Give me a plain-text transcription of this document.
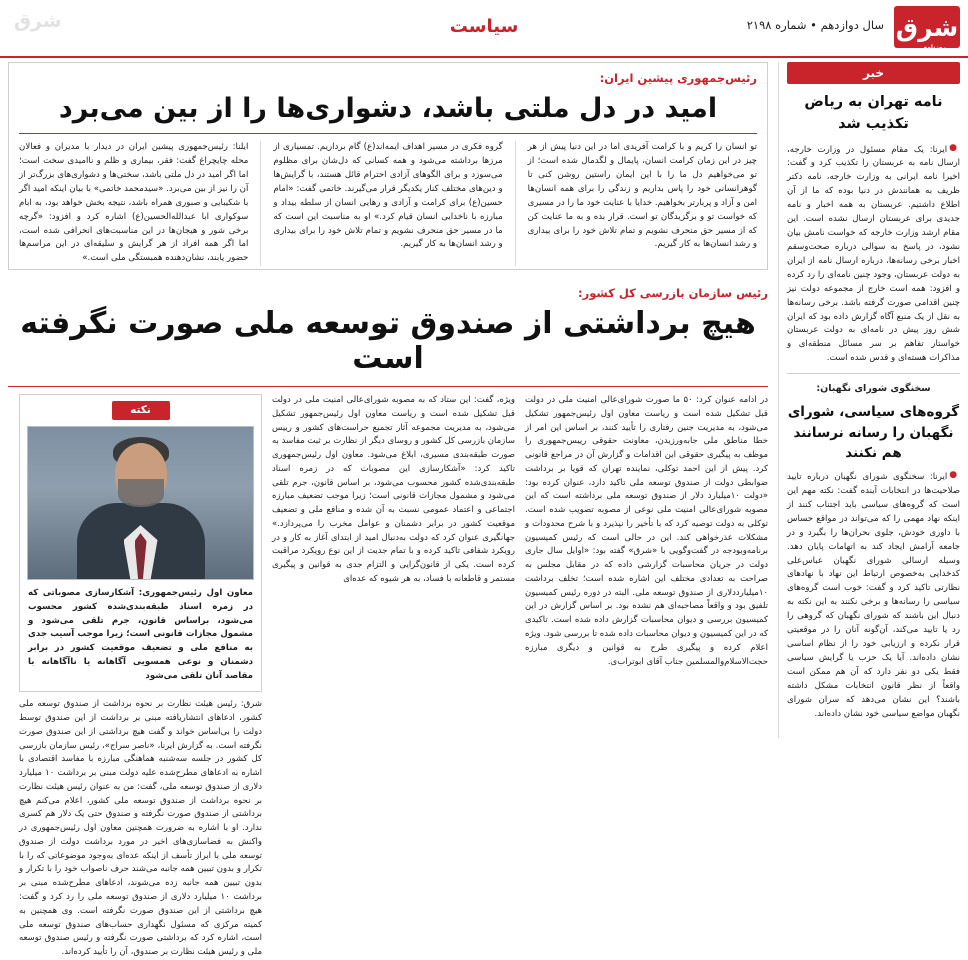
شرق	شرق
روزنامه
سال دوازدهم • شماره ۲۱۹۸
سیاست
خبر
نامه تهران به ریاض تکذیب شد
●ایرنا: یک مقام مسئول در وزارت خارجه، ارسال نامه به عربستان را تکذیب کرد و گفت: اخیرا نامه ایرانی به وزارت خارجه، نامه دکتر ظریف به همانندش در دنیا بوده که ما از آن اطلاع داشتیم. عربستان به همه اخبار و نامه جدیدی برای عربستان ارسال نشده است. این مقام ارشد وزارت خارجه که خواست نامش بیان نشود، در پاسخ به سوالی درباره صحت‌وسقم اخبار برخی رسانه‌ها، درباره ارسال نامه از ایران به دولت عربستان، وجود چنین نامه‌ای را رد کرده و افزود: همه است خارج از مجموعه دولت نیز چنین اقدامی صورت گرفته باشد. برخی رسانه‌ها به نقل از یک منبع آگاه گزارش داده بود که ایران شش روز پیش در نامه‌ای به دولت عربستان خواستار تفاهم بر سر مسائل منطقه‌ای و مذاکرات هسته‌ای و قدس شده است.
سخنگوی شورای نگهبان:
گروه‌های سیاسی، شورای نگهبان را رسانه نرسانند هم نکنند
●ایرنا: سخنگوی شورای نگهبان درباره تایید صلاحیت‌ها در انتخابات آینده گفت: نکته مهم این است که گروه‌های سیاسی باید اجتناب کنند از اینکه نهاد مهمی را که می‌تواند در مواقع حساس با داوری خودش، جلوی بحران‌ها را بگیرد و در جامعه آرامش ایجاد کند به اتهامات پایان دهد. وسیله ارسالی شورای نگهبان عباس‌علی کدخدایی به‌خصوص ارتباط این نهاد با نهادهای نظارتی تاکید کرد و گفت: خوب است گروه‌های سیاسی را رسانه‌ها و برخی نکنند به این نکته به دنبال این باشند که شورای نگهبان که گروهی را رد یا تایید می‌کند، آن‌گونه آنان را در موقعیتی قرار نکرده و ارزیابی خود را از نظام اساسی نشان داده‌اند. آیا یک حزب یا گرایش سیاسی فقط یکی دو نفر دارد که آن هم ممکن است واقعاً از نظر قانون انتخابات مشکل داشته باشند؟ این نشان می‌دهد که سران شورای نگهبان مواضع سیاسی خود نشان داده‌اند.
رئیس‌جمهوری پیشین ایران:
امید در دل ملتی باشد، دشواری‌ها را از بین می‌برد
تو انسان را کریم و با کرامت آفریدی اما در این دنیا پیش از هر چیز در این زمان کرامت انسان، پایمال و لگدمال شده است؛ از تو می‌خواهیم دل ما را با این ایمان راستین روشن کنی تا گوهرانسانی خود را پاس بداریم و زندگی را برای همه انسان‌ها امن و آزاد و پربارتر بخواهیم. خدایا با عنایت خود ما را در مسیری که خواست تو و برگزیدگان تو است. قرار بده و به ما عنایت کن که از مسیر حق منحرف نشویم و تمام تلاش خود را برای بیداری و رشد انسان‌ها به کار گیریم.
گروه فکری در مسیر اهداف ایمه‌اند(ع) گام برداریم. تمسیاری از مرزها برداشته می‌شود و همه کسانی که دل‌شان برای مظلوم می‌سوزد و برای الگوهای آزادی احترام قائل هستند، با گرایش‌ها و دین‌های مختلف کنار یکدیگر قرار می‌گیرند. خاتمی گفت: «امام حسین(ع) برای کرامت و آزادی و رهایی انسان از سلطه بیداد و مبارزه با ناخدایی انسان قیام کرد.» او به مناسبت این است که ما در مسیر حق منحرف نشویم و تمام تلاش خود را برای بیداری و رشد انسان‌ها به کار گیریم.
ایلنا: رئیس‌جمهوری پیشین ایران در دیدار با مدیران و فعالان محله چایچراغ گفت: فقر، بیماری و ظلم و ناامیدی سخت است؛ اما اگر امید در دل ملتی باشد، سختی‌ها و دشواری‌های بزرگ‌تر از آن را نیز از بین می‌برد. «سیدمحمد خاتمی» با بیان اینکه امید اگر با شکیبایی و صبوری همراه باشد، نتیجه بخش خواهد بود، به ابام سوکواری ابا عبدالله‌الحسین(ع) اشاره کرد و افزود: «گرچه برخی شور و هیجان‌ها در این مناسبت‌های انحرافی شده است، اما اگر همه افراد از هر گرایش و سلیقه‌ای در این مراسم‌ها حضور یابند، نشان‌دهنده همبستگی ملی است.»
رئیس سازمان بازرسی کل کشور:
هیچ برداشتی از صندوق توسعه ملی صورت نگرفته است
در ادامه عنوان کرد: ۵۰ ما صورت شورای‌عالی امنیت ملی در دولت قبل تشکیل شده است و ریاست معاون اول رئیس‌جمهور تشکیل می‌شود، به مدیریت جنین رفتاری را تأیید کنند، بر اساس این امر از خطا مناطق ملی جابه‌ورزیدن، معاونت حقوقی رییس‌جمهوری را موظف به پیگیری حقوقی این اقدامات و گزارش آن در مراجع قانونی کرد. پیش از این احمد توکلی، نماینده تهران که قویا بر برداشت ضوابطی دولت از صندوق توسعه ملی تاکید دارد، عنوان کرده بود: «دولت ۱۰میلیارد دلار از صندوق توسعه ملی برداشته است که این مصوبه شورای‌عالی امنیت ملی نوعی از مصوبه تصویب شده است. توکلی به دولت توصیه کرد که با تأخیر را نپذیرد و با شرح محدودات و مشکلات عذرخواهی کند. این در حالی است که رئیس کمیسیون برنامه‌وبودجه در گفت‌وگویی با «شرق» گفته بود: «اوایل سال جاری دولت در جریان محاسبات گزارشی داده که در مقابل مجلس به صراحت به تعدادی مختلف این اشاره شده است؛ تخلف برداشت ۱۰میلیارددلاری از صندوق توسعه ملی. البته در دوره رئیس کمیسیون تلفیق بود و واقعاً مصاحبه‌ای هم نشده بود. بر اساس گزارش در این کمیسیون بررسی و دیوان محاسبات گزارش داده شده است. تاکیدی که در این کمیسیون و دیوان محاسبات داده شده تا بررسی شود. ویژه اعلام کرده و پیگیری طرح به قوانین و دیگری مبارزه حجت‌الاسلام‌والمسلمین جناب آقای ابوتراب‌ی.
ویژه، گفت: این ستاد که به مصوبه شورای‌عالی امنیت ملی در دولت قبل تشکیل شده است و ریاست معاون اول رئیس‌جمهور تشکیل می‌شود، به مدیریت مجموعه آثار تجمیع حراست‌های کشور و رییس سازمان بازرسی کل کشور و روسای دیگر از نظارت بر ثبت مفاسد به صورت طبقه‌بندی مسیری، ابلاغ می‌شود. معاون اول رئیس‌جمهوری تاکید کرد: «آشکارسازی این مصوبات که در زمره اسناد طبقه‌بندی‌شده کشور محسوب می‌شود، بر اساس قانون، جرم تلقی می‌شود و مشمول مجازات قانونی است؛ زیرا موجب تضعیف مبارزه اجتماعی و اعتماد عمومی نسبت به آن شده و منافع ملی و تضعیف موقعیت کشور در برابر دشمنان و عوامل مخرب را می‌پردازد.» جهانگیری عنوان کرد که دولت به‌دنبال امید از ابتدای آغاز به کار و در رویکرد شفافی تاکید کرده و با تمام جدیت از این نوع رویکرد مراقبت کرده است. یکی از قانون‌گرایی و التزام جدی به قوانین و پیگیری مستمر و قاطعانه با فساد، به هر شیوه که عده‌ای
نکته
معاون اول رئیس‌جمهوری: آشکارسازی مصوباتی که در زمره اسناد طبقه‌بندی‌شده کشور محسوب می‌شود، براساس قانون، جرم تلقی می‌شود و مشمول مجازات قانونی است؛ زیرا موجب آسیب جدی به منافع ملی و تضعیف موقعیت کشور در برابر دشمنان و نوعی همسویی آگاهانه یا ناآگاهانه با مقاصد آنان تلقی می‌شود
شرق: رئیس هیئت نظارت بر نحوه برداشت از صندوق توسعه ملی کشور، ادعاهای انتشاریافته مبنی بر برداشت از این صندوق توسط دولت را بی‌اساس خواند و گفت هیچ برداشتی از این صندوق صورت نگرفته است. به گزارش ایرنا، «ناصر سراج»، رئیس سازمان بازرسی کل کشور در جلسه سه‌شنبه هماهنگی مبارزه با مفاسد اقتصادی با اشاره به ادعاهای مطرح‌شده علیه دولت مبنی بر برداشت ۱۰ میلیارد دلاری از صندوق توسعه ملی، گفت: من به عنوان رئیس هیئت نظارت بر نحوه برداشت از صندوق توسعه ملی کشور، اعلام می‌کنم هیچ برداشتی از صندوق صورت نگرفته و صندوق حتی یک دلار هم کسری ندارد. او با اشاره به ضرورت همچنین معاون اول رئیس‌جمهوری در واکنش به فضاسازی‌های اخیر در مورد برداشت دولت از صندوق توسعه ملی با ابراز تأسف از اینکه عده‌ای به‌وجود موضوعاتی که را با تکرار و بدون تبیین همه جانبه می‌شند حرف ناصواب خود را با تکرار و بدون تبیین همه جانبه زده می‌شوند، ادعاهای مطرح‌شده مبنی بر برداشت ۱۰ میلیارد دلاری از صندوق توسعه ملی را رد کرد و گفت: هیچ برداشتی از این صندوق صورت نگرفته است. وی همچنین به کمیته مرکزی که مسئول نگهداری حساب‌های صندوق توسعه ملی است، اشاره کرد که برداشتی صورت نگرفته و رئیس صندوق توسعه ملی و رئیس هیئت نظارت بر صندوق، آن را تأیید کرده‌اند.
